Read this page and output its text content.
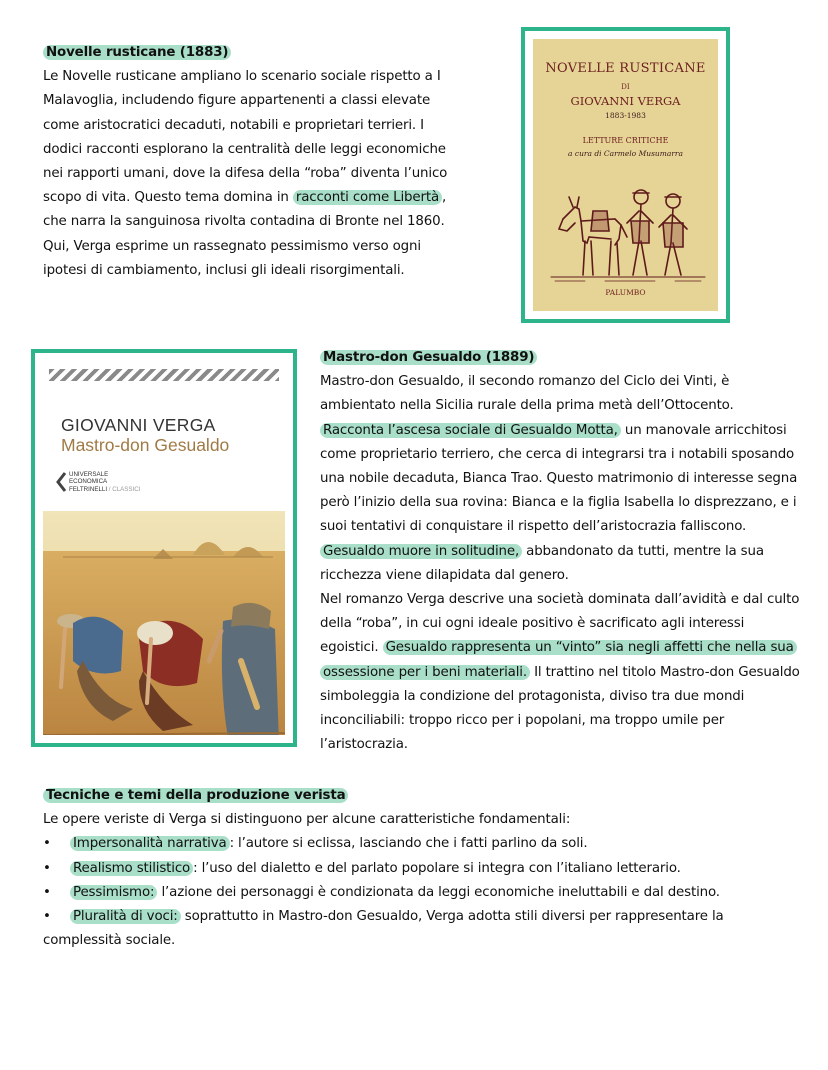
Novelle rusticane (1883)
Le Novelle rusticane ampliano lo scenario sociale rispetto a I Malavoglia, includendo figure appartenenti a classi elevate come aristocratici decaduti, notabili e proprietari terrieri. I dodici racconti esplorano la centralità delle leggi economiche nei rapporti umani, dove la difesa della “roba” diventa l’unico scopo di vita. Questo tema domina in racconti come Libertà , che narra la sanguinosa rivolta contadina di Bronte nel 1860. Qui, Verga esprime un rassegnato pessimismo verso ogni ipotesi di cambiamento, inclusi gli ideali risorgimentali.
NOVELLE RUSTICANE
DI
GIOVANNI VERGA
1883-1983
LETTURE CRITICHE
a cura di Carmelo Musumarra
PALUMBO
GIOVANNI VERGA
Mastro-don Gesualdo
UNIVERSALE
ECONOMICA
FELTRINELLI / CLASSICI
Mastro-don Gesualdo (1889)
Mastro-don Gesualdo, il secondo romanzo del Ciclo dei Vinti, è ambientato nella Sicilia rurale della prima metà dell’Ottocento. Racconta l’ascesa sociale di Gesualdo Motta, un manovale arricchitosi come proprietario terriero, che cerca di integrarsi tra i notabili sposando una nobile decaduta, Bianca Trao. Questo matrimonio di interesse segna però l’inizio della sua rovina: Bianca e la figlia Isabella lo disprezzano, e i suoi tentativi di conquistare il rispetto dell’aristocrazia falliscono. Gesualdo muore in solitudine, abbandonato da tutti, mentre la sua ricchezza viene dilapidata dal genero.
Nel romanzo Verga descrive una società dominata dall’avidità e dal culto della “roba”, in cui ogni ideale positivo è sacrificato agli interessi egoistici. Gesualdo rappresenta un “vinto” sia negli affetti che nella sua ossessione per i beni materiali. Il trattino nel titolo Mastro-don Gesualdo simboleggia la condizione del protagonista, diviso tra due mondi inconciliabili: troppo ricco per i popolani, ma troppo umile per l’aristocrazia.
Tecniche e temi della produzione verista
Le opere veriste di Verga si distinguono per alcune caratteristiche fondamentali:
• Impersonalità narrativa : l’autore si eclissa, lasciando che i fatti parlino da soli.
• Realismo stilistico : l’uso del dialetto e del parlato popolare si integra con l’italiano letterario.
• Pessimismo: l’azione dei personaggi è condizionata da leggi economiche ineluttabili e dal destino.
• Pluralità di voci: soprattutto in Mastro-don Gesualdo, Verga adotta stili diversi per rappresentare la complessità sociale.
